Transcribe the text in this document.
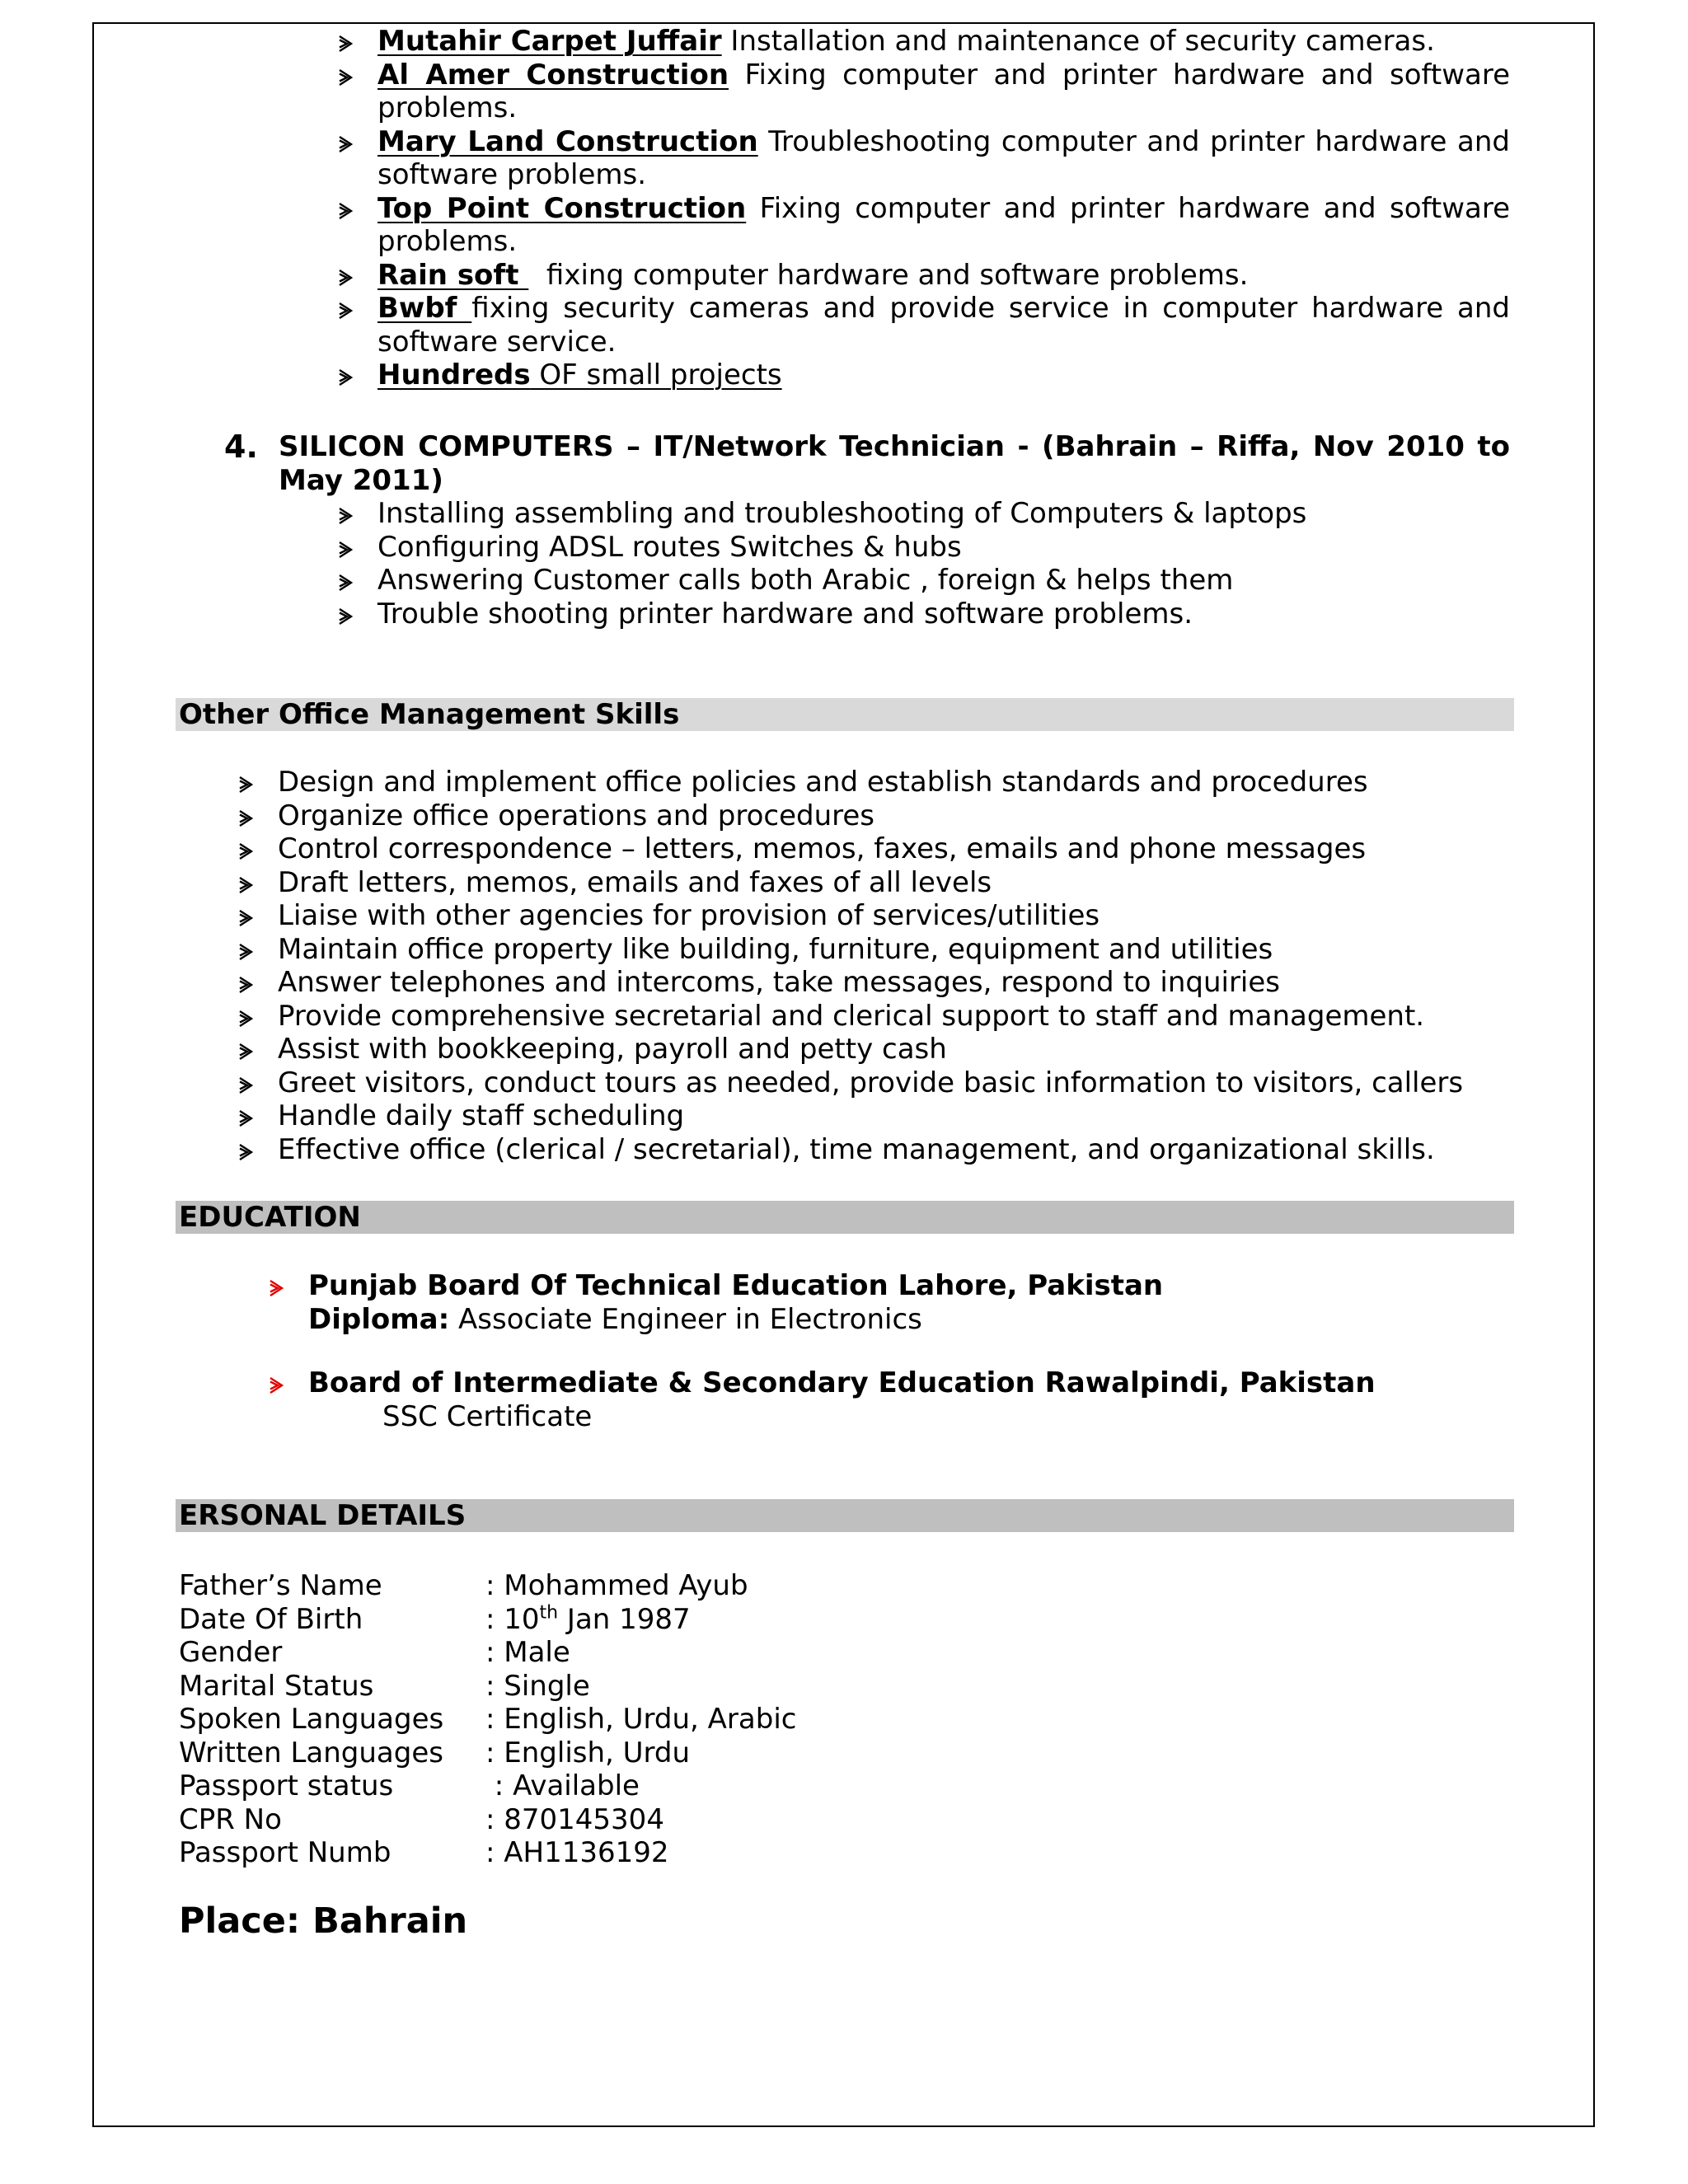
Mutahir Carpet Juffair Installation and maintenance of security cameras.
Al Amer Construction Fixing computer and printer hardware and software problems.
Mary Land Construction Troubleshooting computer and printer hardware and software problems.
Top Point Construction Fixing computer and printer hardware and software problems.
Rain soft   fixing computer hardware and software problems.
Bwbf fixing security cameras and provide service in computer hardware and software service.
Hundreds OF small projects
4. SILICON COMPUTERS – IT/Network Technician - (Bahrain – Riffa, Nov 2010 to May 2011)
Installing assembling and troubleshooting of Computers & laptops
Configuring ADSL routes Switches & hubs
Answering Customer calls both Arabic , foreign & helps them
Trouble shooting printer hardware and software problems.
Other Office Management Skills
Design and implement office policies and establish standards and procedures
Organize office operations and procedures
Control correspondence – letters, memos, faxes, emails and phone messages
Draft letters, memos, emails and faxes of all levels
Liaise with other agencies for provision of services/utilities
Maintain office property like building, furniture, equipment and utilities
Answer telephones and intercoms, take messages, respond to inquiries
Provide comprehensive secretarial and clerical support to staff and management.
Assist with bookkeeping, payroll and petty cash
Greet visitors, conduct tours as needed, provide basic information to visitors, callers
Handle daily staff scheduling
Effective office (clerical / secretarial), time management, and organizational skills.
EDUCATION
Punjab Board Of Technical Education Lahore, Pakistan
Diploma: Associate Engineer in Electronics
Board of Intermediate & Secondary Education Rawalpindi, Pakistan
SSC Certificate
ERSONAL DETAILS
Father’s Name	: Mohammed Ayub
Date Of Birth	: 10th Jan 1987
Gender	: Male
Marital Status	: Single
Spoken Languages	: English, Urdu, Arabic
Written Languages	: English, Urdu
Passport status	: Available
CPR No	: 870145304
Passport Numb	: AH1136192
Place: Bahrain
